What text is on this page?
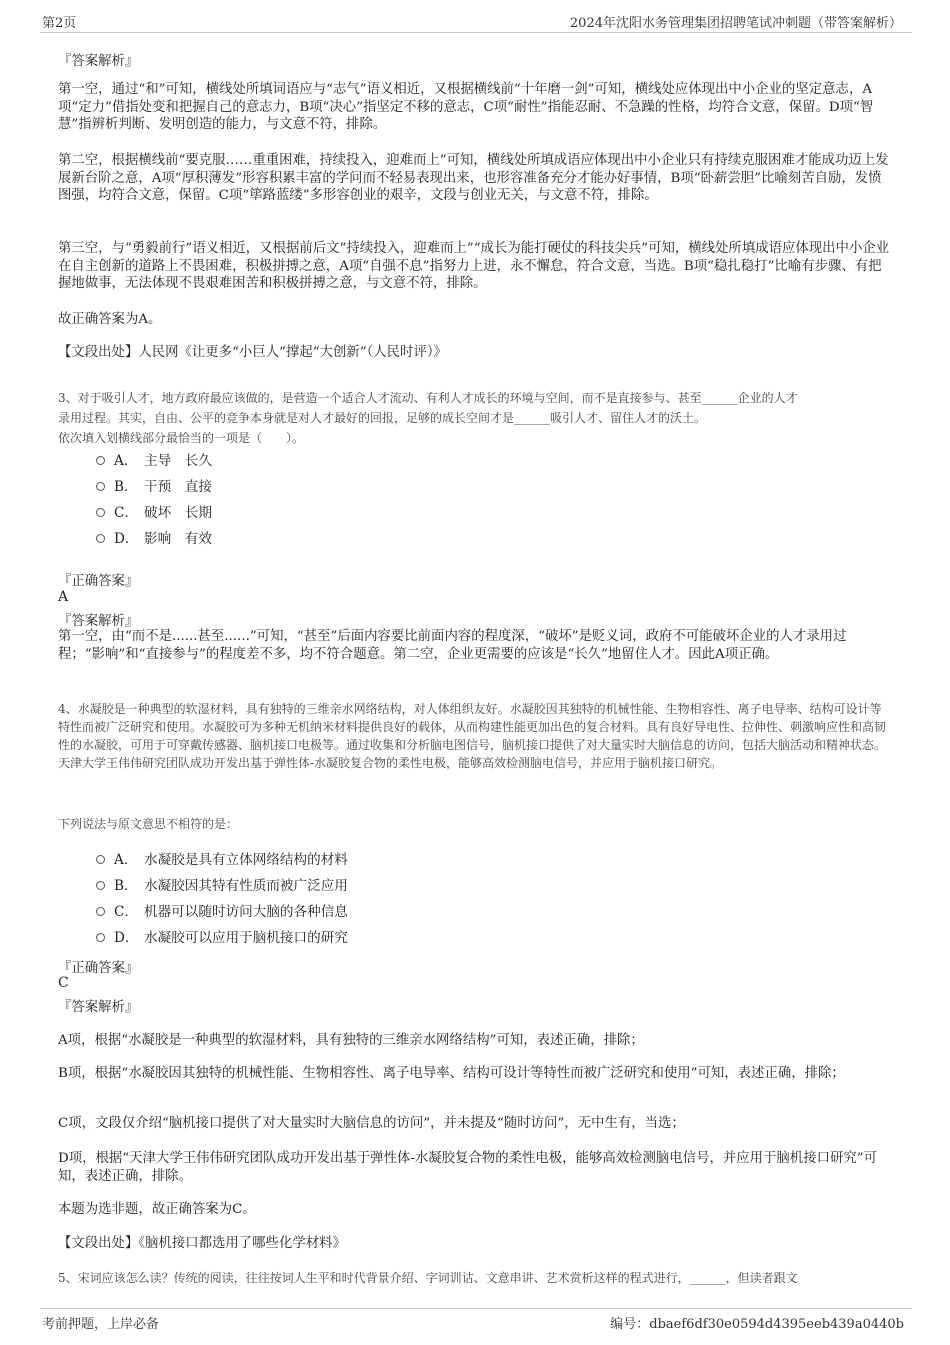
第2页	2024年沈阳水务管理集团招聘笔试冲刺题（带答案解析）
『答案解析』
第一空，通过“和”可知，横线处所填词语应与“志气”语义相近，又根据横线前“十年磨一剑”可知，横线处应体现出中小企业的坚定意志，A项“定力”借指处变和把握自己的意志力，B项“决心”指坚定不移的意志，C项“耐性”指能忍耐、不急躁的性格，均符合文意，保留。D项“智慧”指辨析判断、发明创造的能力，与文意不符，排除。
第二空，根据横线前“要克服……重重困难，持续投入，迎难而上”可知，横线处所填成语应体现出中小企业只有持续克服困难才能成功迈上发展新台阶之意，A项“厚积薄发”形容积累丰富的学问而不轻易表现出来，也形容准备充分才能办好事情，B项“卧薪尝胆”比喻刻苦自励，发愤图强，均符合文意，保留。C项“筚路蓝缕”多形容创业的艰辛，文段与创业无关，与文意不符，排除。
第三空，与“勇毅前行”语义相近，又根据前后文“持续投入，迎难而上”“成长为能打硬仗的科技尖兵”可知，横线处所填成语应体现出中小企业在自主创新的道路上不畏困难，积极拼搏之意，A项“自强不息”指努力上进，永不懈怠，符合文意，当选。B项“稳扎稳打”比喻有步骤、有把握地做事，无法体现不畏艰难困苦和积极拼搏之意，与文意不符，排除。
故正确答案为A。
【文段出处】人民网《让更多“小巨人”撑起“大创新”（人民时评）》
3、对于吸引人才，地方政府最应该做的，是营造一个适合人才流动、有利人才成长的环境与空间，而不是直接参与、甚至______企业的人才
录用过程。其实，自由、公平的竞争本身就是对人才最好的回报，足够的成长空间才是______吸引人才、留住人才的沃土。
依次填入划横线部分最恰当的一项是（　　）。
A． 主导　长久
B． 干预　直接
C． 破坏　长期
D． 影响　有效
『正确答案』
A
『答案解析』
第一空，由“而不是......甚至......”可知，“甚至”后面内容要比前面内容的程度深，“破坏”是贬义词，政府不可能破坏企业的人才录用过程；“影响”和“直接参与”的程度差不多，均不符合题意。第二空，企业更需要的应该是“长久”地留住人才。因此A项正确。
4、水凝胶是一种典型的软湿材料，具有独特的三维亲水网络结构，对人体组织友好。水凝胶因其独特的机械性能、生物相容性、离子电导率、结构可设计等特性而被广泛研究和使用。水凝胶可为多种无机纳米材料提供良好的载体，从而构建性能更加出色的复合材料。具有良好导电性、拉伸性、刺激响应性和高韧性的水凝胶，可用于可穿戴传感器、脑机接口电极等。通过收集和分析脑电图信号，脑机接口提供了对大量实时大脑信息的访问，包括大脑活动和精神状态。天津大学王伟伟研究团队成功开发出基于弹性体-水凝胶复合物的柔性电极，能够高效检测脑电信号，并应用于脑机接口研究。
下列说法与原文意思不相符的是：
A． 水凝胶是具有立体网络结构的材料
B． 水凝胶因其特有性质而被广泛应用
C． 机器可以随时访问大脑的各种信息
D． 水凝胶可以应用于脑机接口的研究
『正确答案』
C
『答案解析』
A项，根据“水凝胶是一种典型的软湿材料，具有独特的三维亲水网络结构”可知，表述正确，排除；
B项，根据“水凝胶因其独特的机械性能、生物相容性、离子电导率、结构可设计等特性而被广泛研究和使用”可知，表述正确，排除；
C项，文段仅介绍“脑机接口提供了对大量实时大脑信息的访问”，并未提及“随时访问”，无中生有，当选；
D项，根据“天津大学王伟伟研究团队成功开发出基于弹性体-水凝胶复合物的柔性电极，能够高效检测脑电信号，并应用于脑机接口研究”可知，表述正确，排除。
本题为选非题，故正确答案为C。
【文段出处】《脑机接口都选用了哪些化学材料》
5、宋词应该怎么读？传统的阅读，往往按词人生平和时代背景介绍、字词训诂、文意串讲、艺术赏析这样的程式进行，______，但读者跟文
考前押题，上岸必备	编号：dbaef6df30e0594d4395eeb439a0440b
